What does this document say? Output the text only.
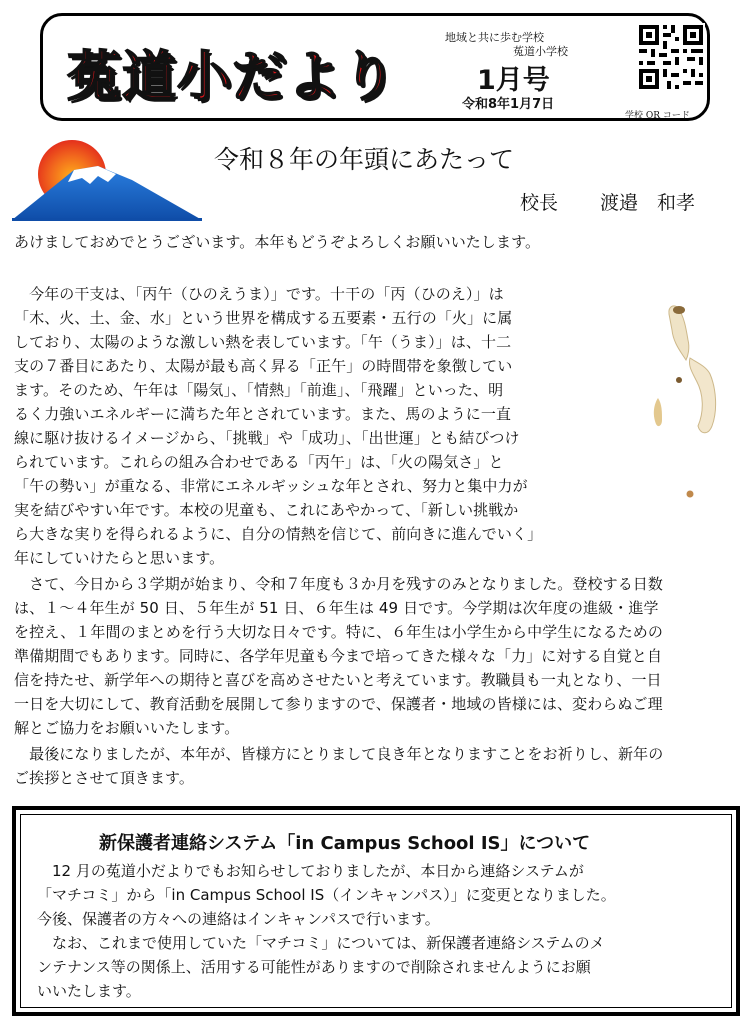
菟道小だより
地域と共に歩む学校
菟道小学校
1月号
令和8年1月7日
学校 QR コード
令和８年の年頭にあたって
校長 渡邉　和孝
あけましておめでとうございます。本年もどうぞよろしくお願いいたします。
　今年の干支は、「丙午（ひのえうま）」です。十干の「丙（ひのえ）」は
「木、火、土、金、水」という世界を構成する五要素・五行の「火」に属
しており、太陽のような激しい熱を表しています。「午（うま）」は、十二
支の７番目にあたり、太陽が最も高く昇る「正午」の時間帯を象徴してい
ます。そのため、午年は「陽気」、「情熱」「前進」、「飛躍」といった、明
るく力強いエネルギーに満ちた年とされています。また、馬のように一直
線に駆け抜けるイメージから、「挑戦」や「成功」、「出世運」とも結びつけ
られています。これらの組み合わせである「丙午」は、「火の陽気さ」と
「午の勢い」が重なる、非常にエネルギッシュな年とされ、努力と集中力が
実を結びやすい年です。本校の児童も、これにあやかって、「新しい挑戦か
ら大きな実りを得られるように、自分の情熱を信じて、前向きに進んでいく」
年にしていけたらと思います。
　さて、今日から３学期が始まり、令和７年度も３か月を残すのみとなりました。登校する日数
は、１～４年生が 50 日、５年生が 51 日、６年生は 49 日です。今学期は次年度の進級・進学
を控え、１年間のまとめを行う大切な日々です。特に、６年生は小学生から中学生になるための
準備期間でもあります。同時に、各学年児童も今まで培ってきた様々な「力」に対する自覚と自
信を持たせ、新学年への期待と喜びを高めさせたいと考えています。教職員も一丸となり、一日
一日を大切にして、教育活動を展開して参りますので、保護者・地域の皆様には、変わらぬご理
解とご協力をお願いいたします。
　最後になりましたが、本年が、皆様方にとりまして良き年となりますことをお祈りし、新年の
ご挨拶とさせて頂きます。
新保護者連絡システム「in Campus School IS」について
　12 月の菟道小だよりでもお知らせしておりましたが、本日から連絡システムが
「マチコミ」から「in Campus School IS（インキャンパス）」に変更となりました。
今後、保護者の方々への連絡はインキャンパスで行います。
　なお、これまで使用していた「マチコミ」については、新保護者連絡システムのメ
ンテナンス等の関係上、活用する可能性がありますので削除されませんようにお願
いいたします。
